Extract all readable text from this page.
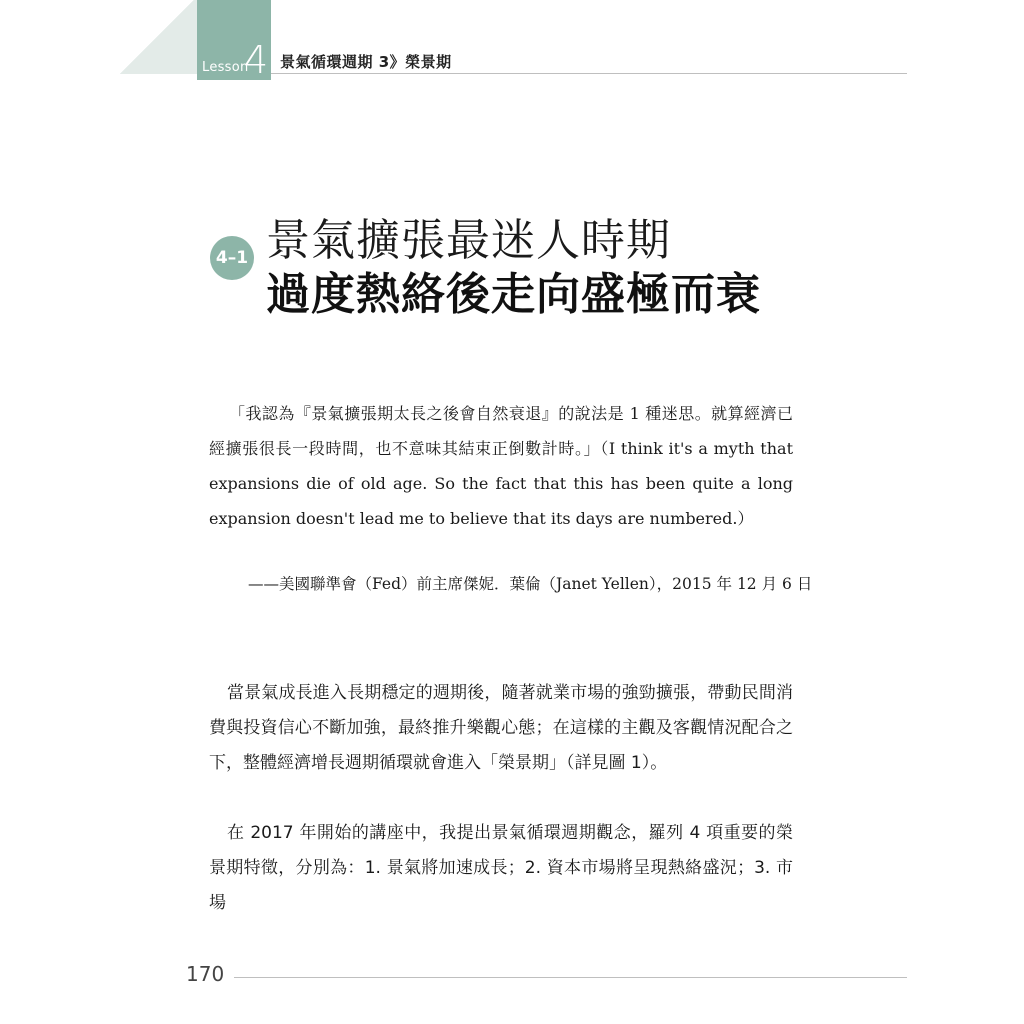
Lesson
4 景氣循環週期 3》榮景期
4–1 景氣擴張最迷人時期
過度熱絡後走向盛極而衰

「我認為『景氣擴張期太長之後會自然衰退』的說法是 1 種迷思。就算經濟已經擴張很長一段時間，也不意味其結束正倒數計時。」（I think it's a myth that expansions die of old age. So the fact that this has been quite a long expansion doesn't lead me to believe that its days are numbered.）

——美國聯準會（Fed）前主席傑妮．葉倫（Janet Yellen），2015 年 12 月 6 日

當景氣成長進入長期穩定的週期後，隨著就業市場的強勁擴張，帶動民間消費與投資信心不斷加強，最終推升樂觀心態；在這樣的主觀及客觀情況配合之下，整體經濟增長週期循環就會進入「榮景期」（詳見圖 1）。

在 2017 年開始的講座中，我提出景氣循環週期觀念，羅列 4 項重要的榮景期特徵，分別為：1. 景氣將加速成長；2. 資本市場將呈現熱絡盛況；3. 市場

170
